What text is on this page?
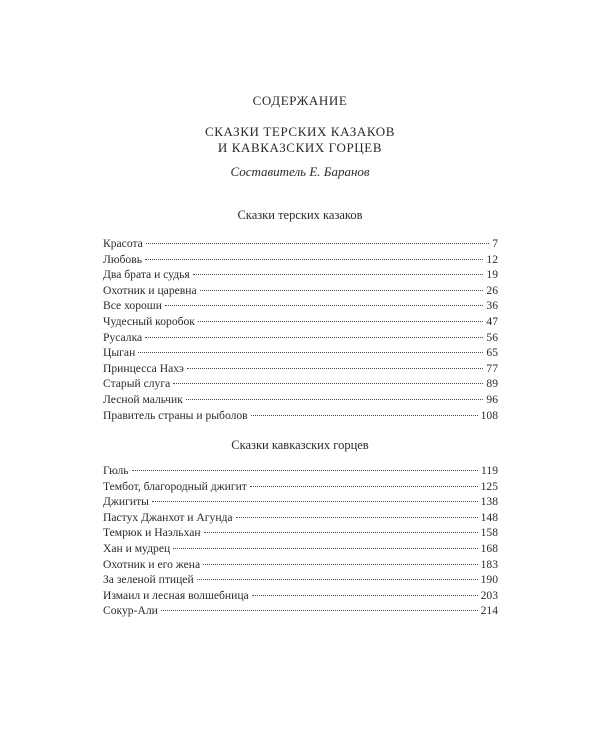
СОДЕРЖАНИЕ
СКАЗКИ ТЕРСКИХ КАЗАКОВ
И КАВКАЗСКИХ ГОРЦЕВ
Составитель Е. Баранов
Сказки терских казаков
Красота	7
Любовь	12
Два брата и судья	19
Охотник и царевна	26
Все хороши	36
Чудесный коробок	47
Русалка	56
Цыган	65
Принцесса Нахэ	77
Старый слуга	89
Лесной мальчик	96
Правитель страны и рыболов	108
Сказки кавказских горцев
Гюль	119
Тембот, благородный джигит	125
Джигиты	138
Пастух Джанхот и Агунда	148
Темрюк и Наэльхан	158
Хан и мудрец	168
Охотник и его жена	183
За зеленой птицей	190
Измаил и лесная волшебница	203
Сокур-Али	214
